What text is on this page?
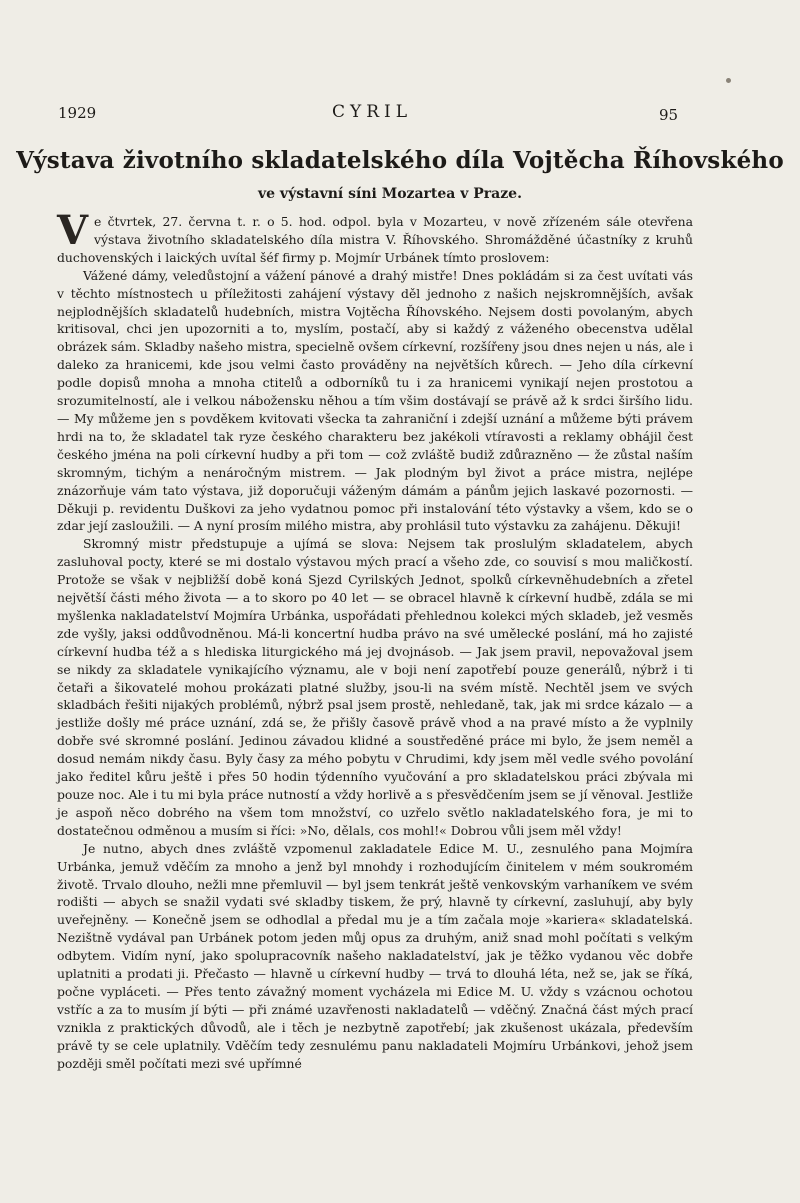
1929	CYRIL	95
Výstava životního skladatelského díla Vojtěcha Říhovského
ve výstavní síni Mozartea v Praze.

Ve čtvrtek, 27. června t. r. o 5. hod. odpol. byla v Mozarteu, v nově zřízeném sále otevřena výstava životního skladatelského díla mistra V. Říhovského. Shromážděné účastníky z kruhů duchovenských i laických uvítal šéf firmy p. Mojmír Urbánek tímto proslovem:

Vážené dámy, veledůstojní a vážení pánové a drahý mistře! Dnes pokládám si za čest uvítati vás v těchto místnostech u příležitosti zahájení výstavy děl jednoho z našich nejskromnějších, avšak nejplodnějších skladatelů hudebních, mistra Vojtěcha Říhovského. Nejsem dosti povolaným, abych kritisoval, chci jen upozorniti a to, myslím, postačí, aby si každý z váženého obecenstva udělal obrázek sám. Skladby našeho mistra, specielně ovšem církevní, rozšířeny jsou dnes nejen u nás, ale i daleko za hranicemi, kde jsou velmi často prováděny na největších kůrech. — Jeho díla církevní podle dopisů mnoha a mnoha ctitelů a odborníků tu i za hranicemi vynikají nejen prostotou a srozumitelností, ale i velkou nábožensku něhou a tím všim dostávají se právě až k srdci širšího lidu. — My můžeme jen s povděkem kvitovati všecka ta zahraniční i zdejší uznání a můžeme býti právem hrdi na to, že skladatel tak ryze českého charakteru bez jakékoli vtíravosti a reklamy obhájil čest českého jména na poli církevní hudby a při tom — což zvláště budiž zdůrazněno — že zůstal naším skromným, tichým a nenáročným mistrem. — Jak plodným byl život a práce mistra, nejlépe znázorňuje vám tato výstava, již doporučuji váženým dámám a pánům jejich laskavé pozornosti. — Děkuji p. revidentu Duškovi za jeho vydatnou pomoc při instalování této výstavky a všem, kdo se o zdar její zasloužili. — A nyní prosím milého mistra, aby prohlásil tuto výstavku za zahájenu. Děkuji!

Skromný mistr předstupuje a ujímá se slova: Nejsem tak proslulým skladatelem, abych zasluhoval pocty, které se mi dostalo výstavou mých prací a všeho zde, co souvisí s mou maličkostí. Protože se však v nejbližší době koná Sjezd Cyrilských Jednot, spolků církevněhudebních a zřetel největší části mého života — a to skoro po 40 let — se obracel hlavně k církevní hudbě, zdála se mi myšlenka nakladatelství Mojmíra Urbánka, uspořádati přehlednou kolekci mých skladeb, jež vesměs zde vyšly, jaksi oddůvodněnou. Má-li koncertní hudba právo na své umělecké poslání, má ho zajisté církevní hudba též a s hlediska liturgického má jej dvojnásob. — Jak jsem pravil, nepovažoval jsem se nikdy za skladatele vynikajícího významu, ale v boji není zapotřebí pouze generálů, nýbrž i ti četaři a šikovatelé mohou prokázati platné služby, jsou-li na svém místě. Nechtěl jsem ve svých skladbách řešiti nijakých problémů, nýbrž psal jsem prostě, nehledaně, tak, jak mi srdce kázalo — a jestliže došly mé práce uznání, zdá se, že přišly časově právě vhod a na pravé místo a že vyplnily dobře své skromné poslání. Jedinou závadou klidné a soustředěné práce mi bylo, že jsem neměl a dosud nemám nikdy času. Byly časy za mého pobytu v Chrudimi, kdy jsem měl vedle svého povolání jako ředitel kůru ještě i přes 50 hodin týdenního vyučování a pro skladatelskou práci zbývala mi pouze noc. Ale i tu mi byla práce nutností a vždy horlivě a s přesvědčením jsem se jí věnoval. Jestliže je aspoň něco dobrého na všem tom množství, co uzřelo světlo nakladatelského fora, je mi to dostatečnou odměnou a musím si říci: »No, dělals, cos mohl!« Dobrou vůli jsem měl vždy!

Je nutno, abych dnes zvláště vzpomenul zakladatele Edice M. U., zesnulého pana Mojmíra Urbánka, jemuž vděčím za mnoho a jenž byl mnohdy i rozhodujícím činitelem v mém soukromém životě. Trvalo dlouho, nežli mne přemluvil — byl jsem tenkrát ještě venkovským varhaníkem ve svém rodišti — abych se snažil vydati své skladby tiskem, že prý, hlavně ty církevní, zasluhují, aby byly uveřejněny. — Konečně jsem se odhodlal a předal mu je a tím začala moje »kariera« skladatelská. Nezištně vydával pan Urbánek potom jeden můj opus za druhým, aniž snad mohl počítati s velkým odbytem. Vidím nyní, jako spolupracovník našeho nakladatelství, jak je těžko vydanou věc dobře uplatniti a prodati ji. Přečasto — hlavně u církevní hudby — trvá to dlouhá léta, než se, jak se říká, počne vypláceti. — Přes tento závažný moment vycházela mi Edice M. U. vždy s vzácnou ochotou vstříc a za to musím jí býti — při známé uzavřenosti nakladatelů — vděčný. Značná část mých prací vznikla z praktických důvodů, ale i těch je nezbytně zapotřebí; jak zkušenost ukázala, především právě ty se cele uplatnily. Vděčím tedy zesnulému panu nakladateli Mojmíru Urbánkovi, jehož jsem později směl počítati mezi své upřímné
